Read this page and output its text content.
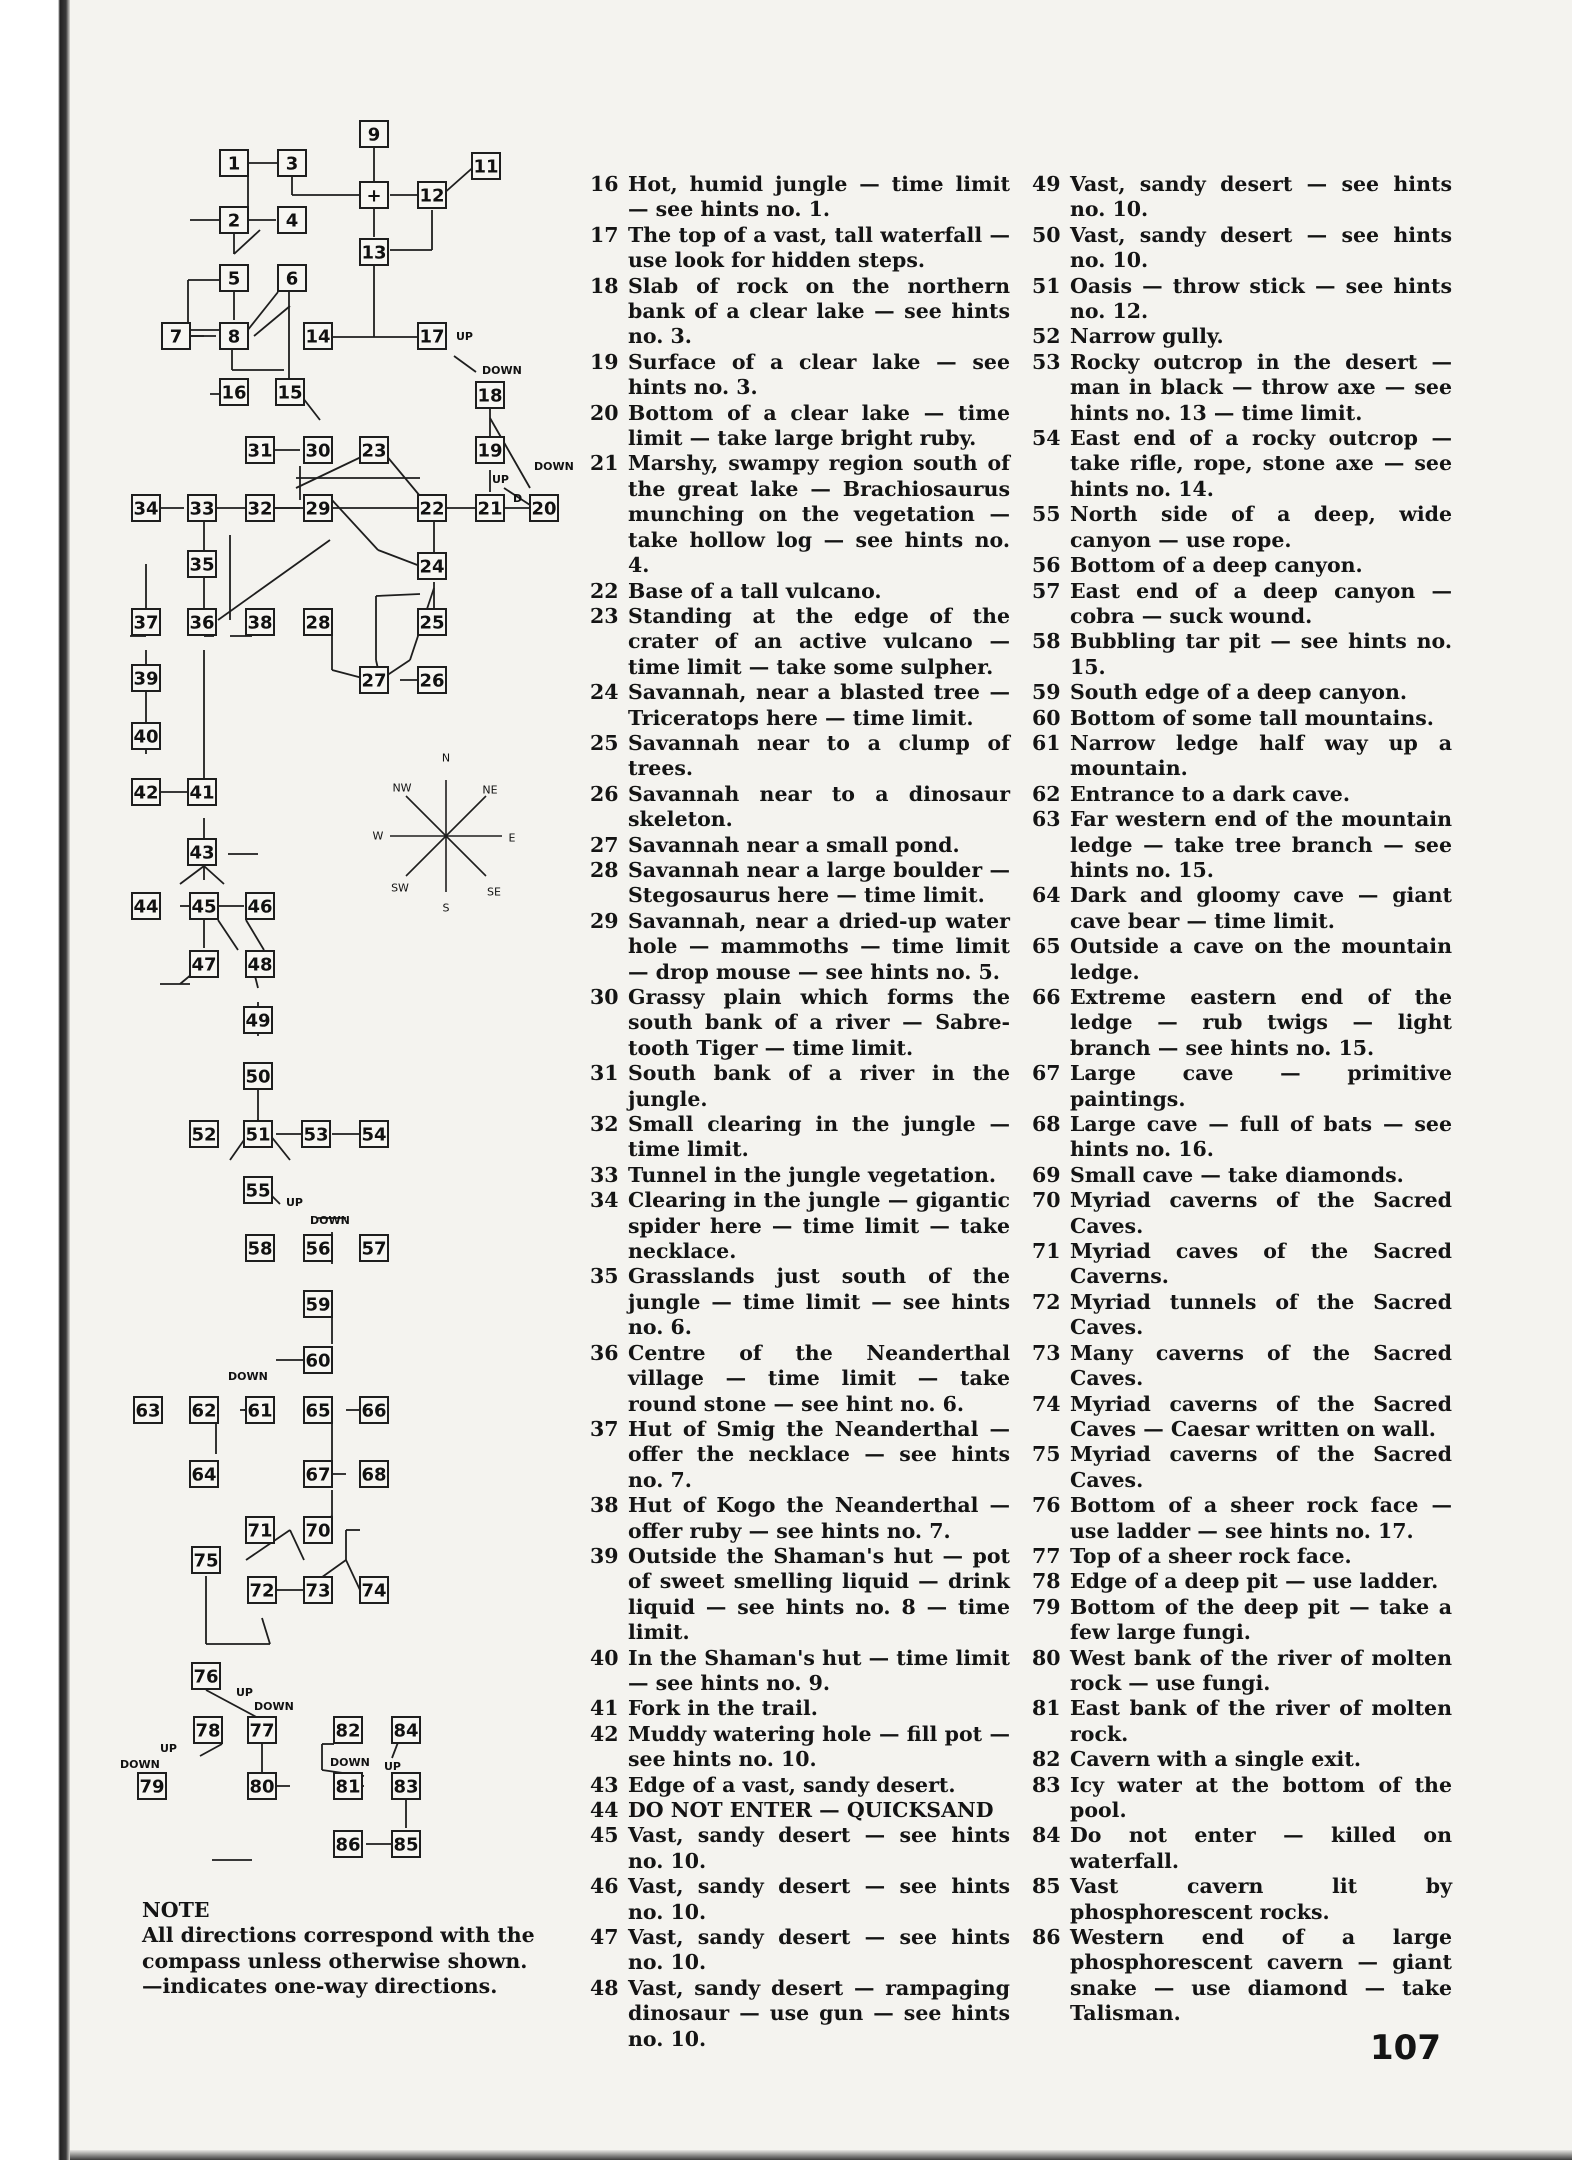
UP
DOWN
DOWN
UP
D
UP
DOWN
DOWN
UP
DOWN
UP
DOWN	DOWN UP
N
NE
E
SE
S
SW
W
NW
1
2
3
4
5	6
7	8
9
+
11
12
13
14
15
16
17
18
19
20
21
22
23
24
25
26
27
28
29
30
31
32
33
34
35
36
37	38
39
40
41
42
43
44 45 46
47 48
49
50
51
52	53 54
55
56 57
58
59
60
61
62
63
64
65 66
67 68
70
71
72 73 74
75
76
77
78
79	80	81
82
83
84
85
86
16 Hot, humid jungle — time limit — see hints no. 1.
17 The top of a vast, tall waterfall — use look for hidden steps.
18 Slab of rock on the northern bank of a clear lake — see hints no. 3.
19 Surface of a clear lake — see hints no. 3.
20 Bottom of a clear lake — time limit — take large bright ruby.
21 Marshy, swampy region south of the great lake — Brachiosaurus munching on the vegetation — take hollow log — see hints no. 4.
22 Base of a tall vulcano.
23 Standing at the edge of the crater of an active vulcano — time limit — take some sulpher.
24 Savannah, near a blasted tree — Triceratops here — time limit.
25 Savannah near to a clump of trees.
26 Savannah near to a dinosaur skeleton.
27 Savannah near a small pond.
28 Savannah near a large boulder — Stegosaurus here — time limit.
29 Savannah, near a dried-up water hole — mammoths — time limit — drop mouse — see hints no. 5.
30 Grassy plain which forms the south bank of a river — Sabre-tooth Tiger — time limit.
31 South bank of a river in the jungle.
32 Small clearing in the jungle — time limit.
33 Tunnel in the jungle vegetation.
34 Clearing in the jungle — gigantic spider here — time limit — take necklace.
35 Grasslands just south of the jungle — time limit — see hints no. 6.
36 Centre of the Neanderthal village — time limit — take round stone — see hint no. 6.
37 Hut of Smig the Neanderthal — offer the necklace — see hints no. 7.
38 Hut of Kogo the Neanderthal — offer ruby — see hints no. 7.
39 Outside the Shaman's hut — pot of sweet smelling liquid — drink liquid — see hints no. 8 — time limit.
40 In the Shaman's hut — time limit — see hints no. 9.
41 Fork in the trail.
42 Muddy watering hole — fill pot — see hints no. 10.
43 Edge of a vast, sandy desert.
44 DO NOT ENTER — QUICKSAND
45 Vast, sandy desert — see hints no. 10.
46 Vast, sandy desert — see hints no. 10.
47 Vast, sandy desert — see hints no. 10.
48 Vast, sandy desert — rampaging dinosaur — use gun — see hints no. 10.
49 Vast, sandy desert — see hints no. 10.
50 Vast, sandy desert — see hints no. 10.
51 Oasis — throw stick — see hints no. 12.
52 Narrow gully.
53 Rocky outcrop in the desert — man in black — throw axe — see hints no. 13 — time limit.
54 East end of a rocky outcrop — take rifle, rope, stone axe — see hints no. 14.
55 North side of a deep, wide canyon — use rope.
56 Bottom of a deep canyon.
57 East end of a deep canyon — cobra — suck wound.
58 Bubbling tar pit — see hints no. 15.
59 South edge of a deep canyon.
60 Bottom of some tall mountains.
61 Narrow ledge half way up a mountain.
62 Entrance to a dark cave.
63 Far western end of the mountain ledge — take tree branch — see hints no. 15.
64 Dark and gloomy cave — giant cave bear — time limit.
65 Outside a cave on the mountain ledge.
66 Extreme eastern end of the ledge — rub twigs — light branch — see hints no. 15.
67 Large cave — primitive paintings.
68 Large cave — full of bats — see hints no. 16.
69 Small cave — take diamonds.
70 Myriad caverns of the Sacred Caves.
71 Myriad caves of the Sacred Caverns.
72 Myriad tunnels of the Sacred Caves.
73 Many caverns of the Sacred Caves.
74 Myriad caverns of the Sacred Caves — Caesar written on wall.
75 Myriad caverns of the Sacred Caves.
76 Bottom of a sheer rock face — use ladder — see hints no. 17.
77 Top of a sheer rock face.
78 Edge of a deep pit — use ladder.
79 Bottom of the deep pit — take a few large fungi.
80 West bank of the river of molten rock — use fungi.
81 East bank of the river of molten rock.
82 Cavern with a single exit.
83 Icy water at the bottom of the pool.
84 Do not enter — killed on waterfall.
85 Vast cavern lit by phosphorescent rocks.
86 Western end of a large phosphorescent cavern — giant snake — use diamond — take Talisman.
NOTE
All directions correspond with the
compass unless otherwise shown.
—indicates one-way directions.
107
